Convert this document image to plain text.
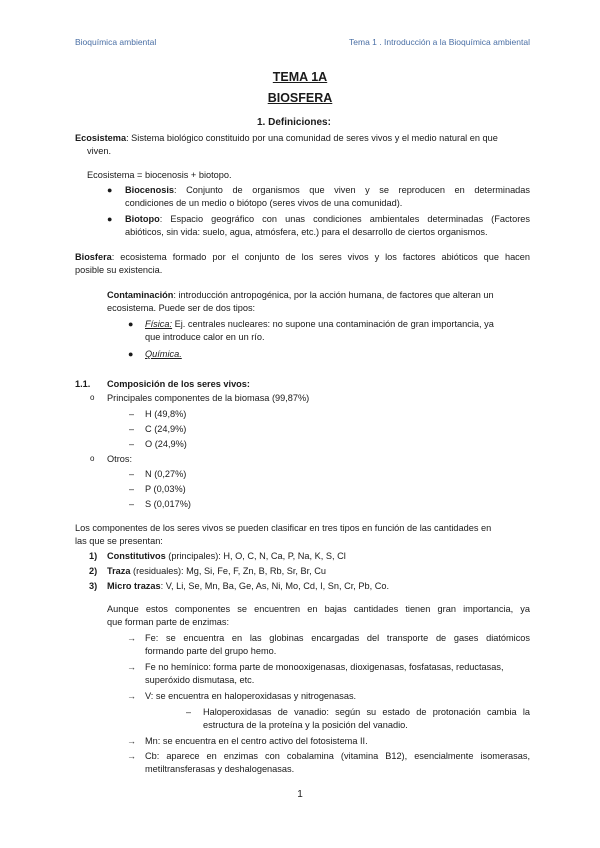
Bioquímica ambiental	Tema 1 . Introducción a la Bioquímica ambiental
TEMA 1A
BIOSFERA
1. Definiciones:
Ecosistema: Sistema biológico constituido por una comunidad de seres vivos y el medio natural en que
viven.
Ecosistema = biocenosis + biotopo.
● Biocenosis: Conjunto de organismos que viven y se reproducen en determinadas
condiciones de un medio o biótopo (seres vivos de una comunidad).
● Biotopo: Espacio geográfico con unas condiciones ambientales determinadas (Factores
abióticos, sin vida: suelo, agua, atmósfera, etc.) para el desarrollo de ciertos organismos.
Biosfera: ecosistema formado por el conjunto de los seres vivos y los factores abióticos que hacen
posible su existencia.
Contaminación: introducción antropogénica, por la acción humana, de factores que alteran un
ecosistema. Puede ser de dos tipos:
● Física: Ej. centrales nucleares: no supone una contaminación de gran importancia, ya
que introduce calor en un río.
● Química.
1.1. Composición de los seres vivos:
o Principales componentes de la biomasa (99,87%)
– H (49,8%)
– C (24,9%)
– O (24,9%)
o Otros:
– N (0,27%)
– P (0,03%)
– S (0,017%)
Los componentes de los seres vivos se pueden clasificar en tres tipos en función de las cantidades en
las que se presentan:
1) Constitutivos (principales): H, O, C, N, Ca, P, Na, K, S, Cl
2) Traza (residuales): Mg, Si, Fe, F, Zn, B, Rb, Sr, Br, Cu
3) Micro trazas: V, Li, Se, Mn, Ba, Ge, As, Ni, Mo, Cd, I, Sn, Cr, Pb, Co.
Aunque estos componentes se encuentren en bajas cantidades tienen gran importancia, ya
que forman parte de enzimas:
→ Fe: se encuentra en las globinas encargadas del transporte de gases diatómicos
formando parte del grupo hemo.
→ Fe no hemínico: forma parte de monooxigenasas, dioxigenasas, fosfatasas, reductasas,
superóxido dismutasa, etc.
→ V: se encuentra en haloperoxidasas y nitrogenasas.
– Haloperoxidasas de vanadio: según su estado de protonación cambia la
estructura de la proteína y la posición del vanadio.
→ Mn: se encuentra en el centro activo del fotosistema II.
→ Cb: aparece en enzimas con cobalamina (vitamina B12), esencialmente isomerasas,
metiltransferasas y deshalogenasas.
1
